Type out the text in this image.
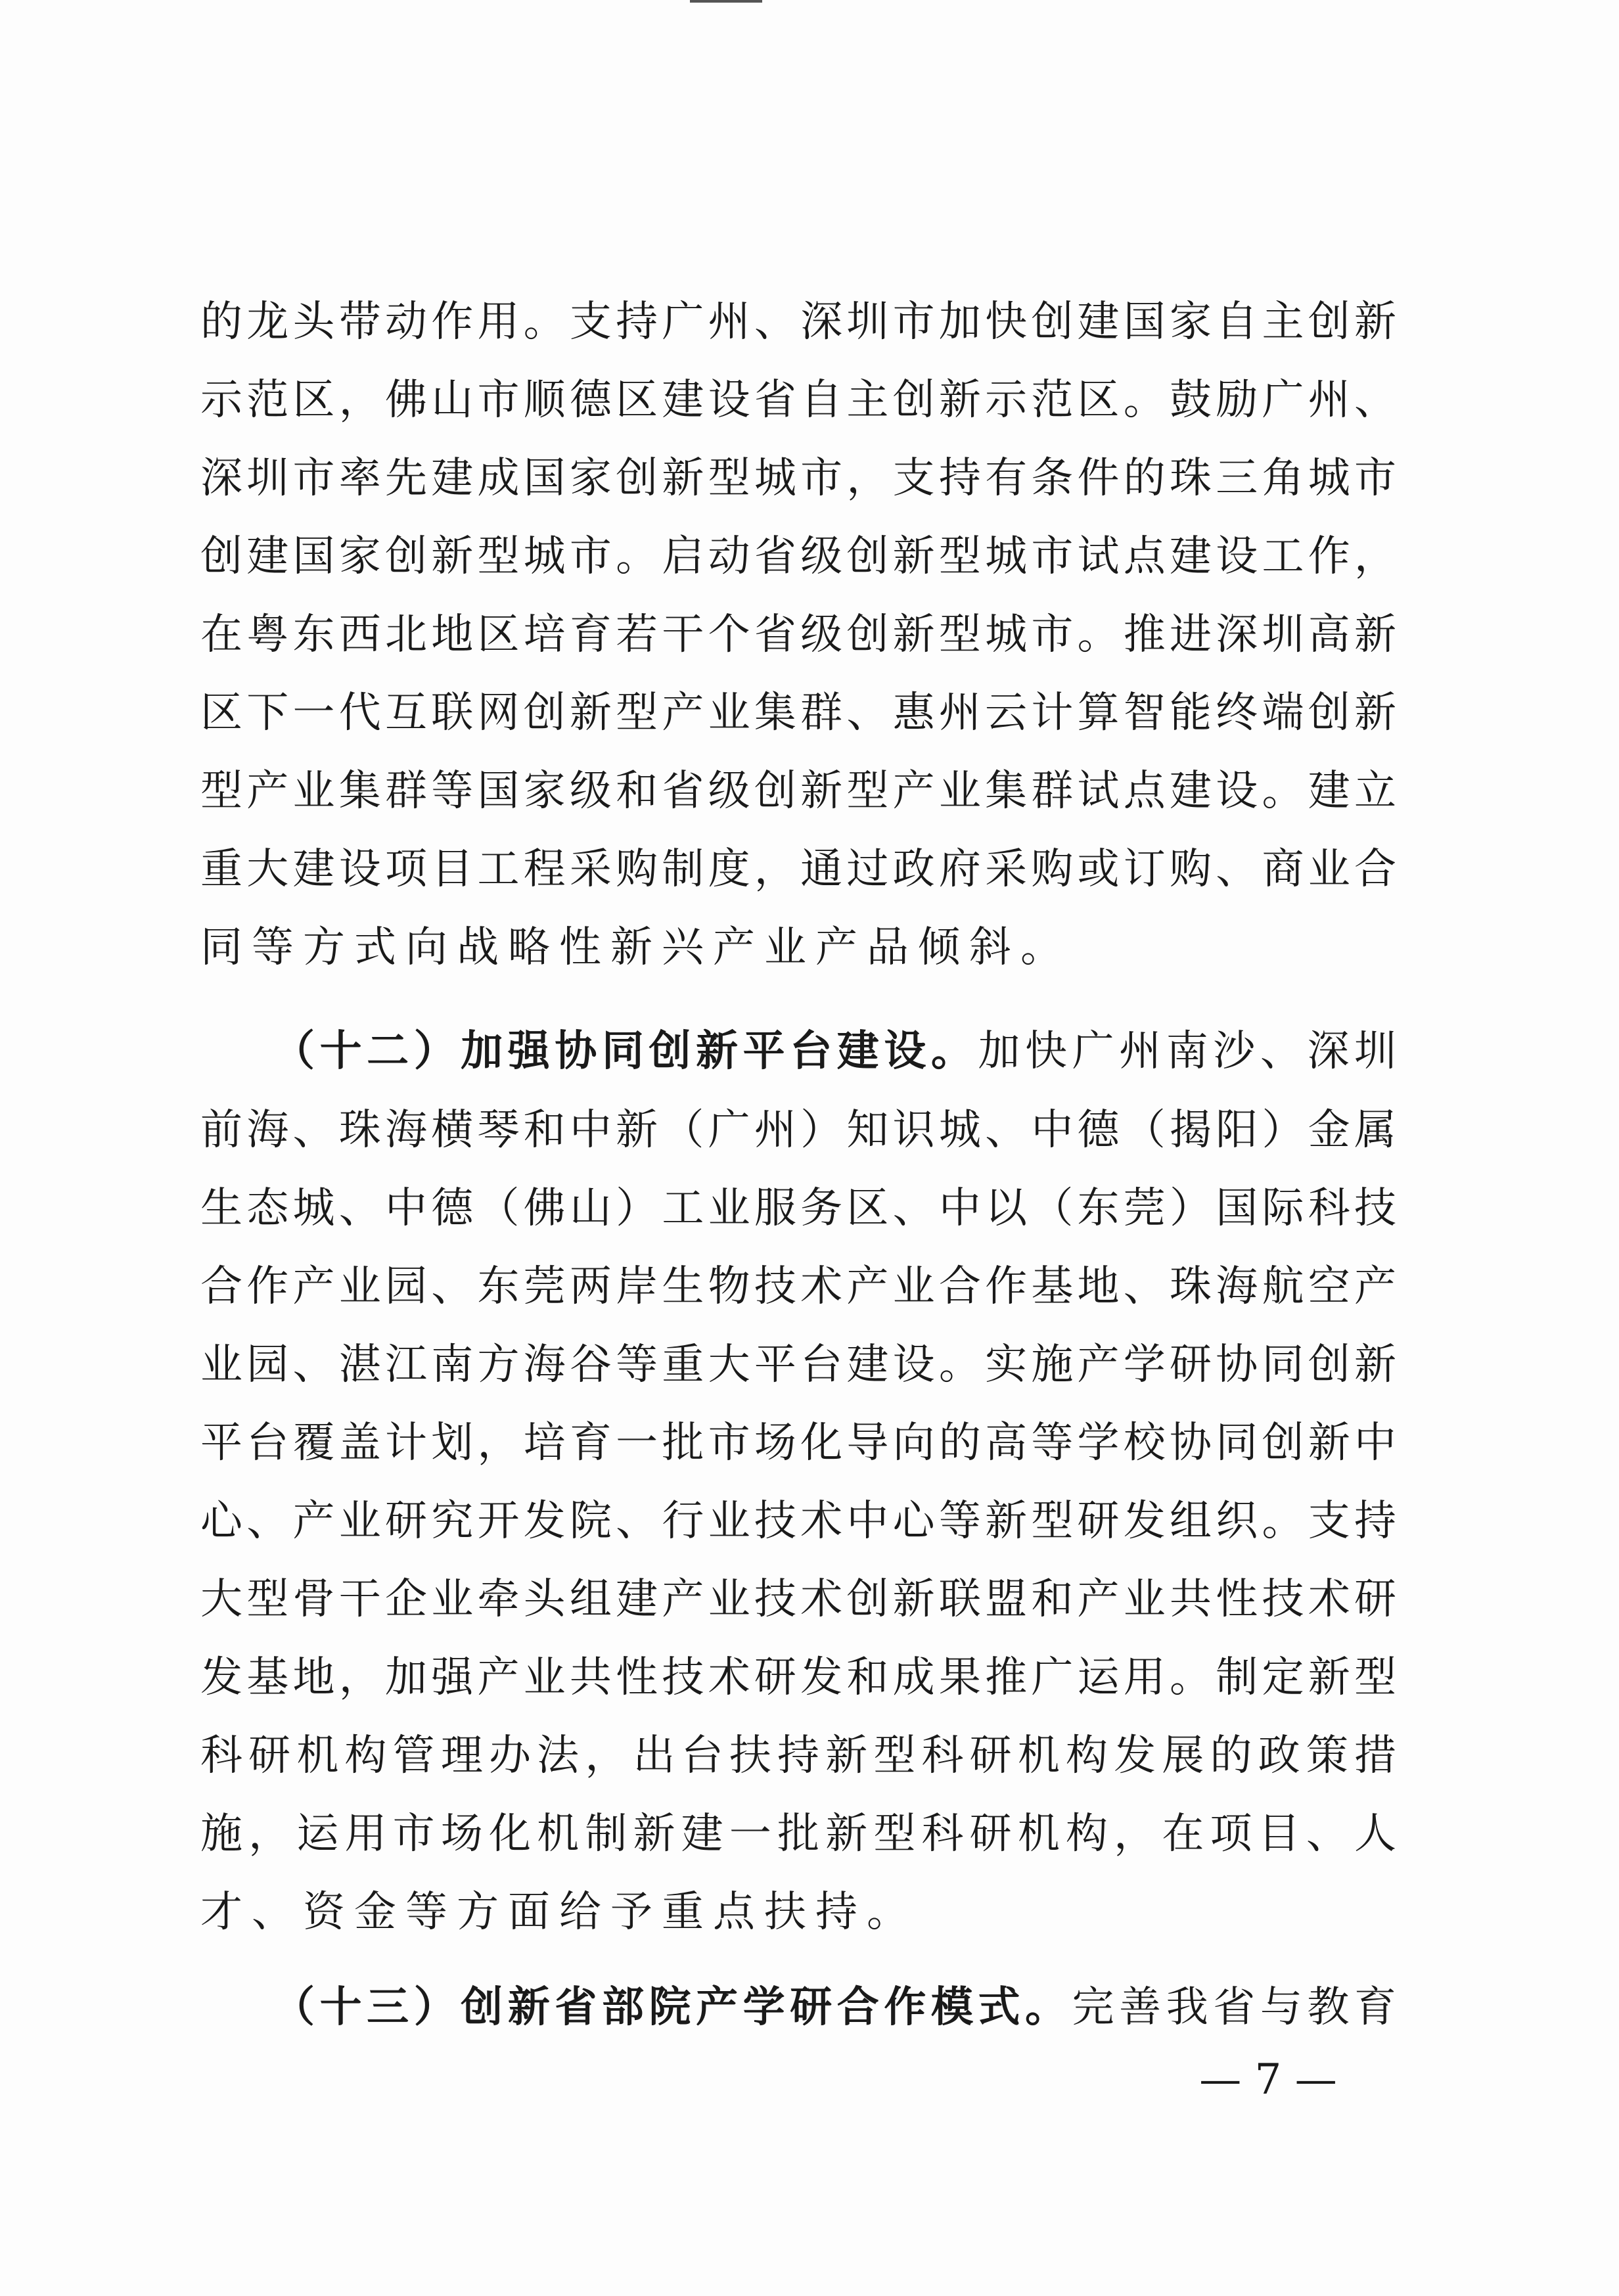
的龙头带动作用。支持广州、深圳市加快创建国家自主创新
示范区，佛山市顺德区建设省自主创新示范区。鼓励广州、
深圳市率先建成国家创新型城市，支持有条件的珠三角城市
创建国家创新型城市。启动省级创新型城市试点建设工作，
在粤东西北地区培育若干个省级创新型城市。推进深圳高新
区下一代互联网创新型产业集群、惠州云计算智能终端创新
型产业集群等国家级和省级创新型产业集群试点建设。建立
重大建设项目工程采购制度，通过政府采购或订购、商业合
同等方式向战略性新兴产业产品倾斜。
（十二）加强协同创新平台建设。加快广州南沙、深圳
前海、珠海横琴和中新（广州）知识城、中德（揭阳）金属
生态城、中德（佛山）工业服务区、中以（东莞）国际科技
合作产业园、东莞两岸生物技术产业合作基地、珠海航空产
业园、湛江南方海谷等重大平台建设。实施产学研协同创新
平台覆盖计划，培育一批市场化导向的高等学校协同创新中
心、产业研究开发院、行业技术中心等新型研发组织。支持
大型骨干企业牵头组建产业技术创新联盟和产业共性技术研
发基地，加强产业共性技术研发和成果推广运用。制定新型
科研机构管理办法，出台扶持新型科研机构发展的政策措
施，运用市场化机制新建一批新型科研机构，在项目、人
才、资金等方面给予重点扶持。
（十三）创新省部院产学研合作模式。完善我省与教育
— 7 —
